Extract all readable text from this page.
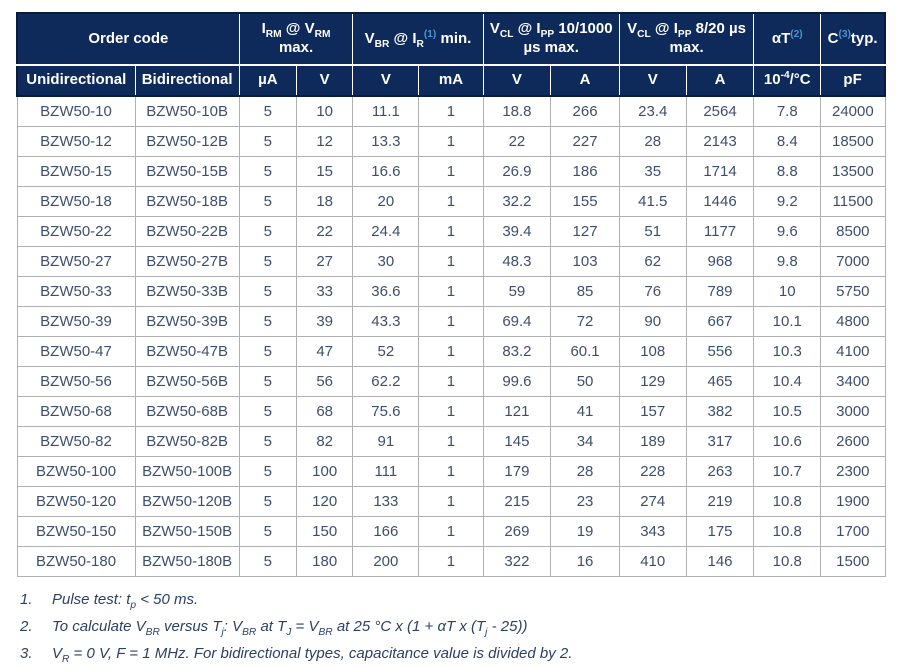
Order code		$I_{RM}$ @ $V_{RM}$ max.		$V_{BR}$ @ $I_R^{(1)}$ min.		$V_{CL}$ @ $I_{PP}$ 10/1000 µs max.		$V_{CL}$ @ $I_{PP}$ 8/20 µs max.		αT$^{(2)}$	C$^{(3)}$typ.
Unidirectional	Bidirectional	µA	V	V	mA	V	A	V	A	$10^{-4}/^\circ C$	pF
BZW50-10	BZW50-10B	5	10	11.1	1	18.8	266	23.4	2564	7.8	24000
BZW50-12	BZW50-12B	5	12	13.3	1	22	227	28	2143	8.4	18500
BZW50-15	BZW50-15B	5	15	16.6	1	26.9	186	35	1714	8.8	13500
BZW50-18	BZW50-18B	5	18	20	1	32.2	155	41.5	1446	9.2	11500
BZW50-22	BZW50-22B	5	22	24.4	1	39.4	127	51	1177	9.6	8500
BZW50-27	BZW50-27B	5	27	30	1	48.3	103	62	968	9.8	7000
BZW50-33	BZW50-33B	5	33	36.6	1	59	85	76	789	10	5750
BZW50-39	BZW50-39B	5	39	43.3	1	69.4	72	90	667	10.1	4800
BZW50-47	BZW50-47B	5	47	52	1	83.2	60.1	108	556	10.3	4100
BZW50-56	BZW50-56B	5	56	62.2	1	99.6	50	129	465	10.4	3400
BZW50-68	BZW50-68B	5	68	75.6	1	121	41	157	382	10.5	3000
BZW50-82	BZW50-82B	5	82	91	1	145	34	189	317	10.6	2600
BZW50-100	BZW50-100B	5	100	111	1	179	28	228	263	10.7	2300
BZW50-120	BZW50-120B	5	120	133	1	215	23	274	219	10.8	1900
BZW50-150	BZW50-150B	5	150	166	1	269	19	343	175	10.8	1700
BZW50-180	BZW50-180B	5	180	200	1	322	16	410	146	10.8	1500
1.	Pulse test: $t_p < 50$ ms.
2.	To calculate $V_{BR}$ versus $T_j$: $V_{BR}$ at $T_J = V_{BR}$ at 25 °C x (1 + αT x $(T_j - 25)$)
3.	$V_R = 0$ V, F = 1 MHz. For bidirectional types, capacitance value is divided by 2.
